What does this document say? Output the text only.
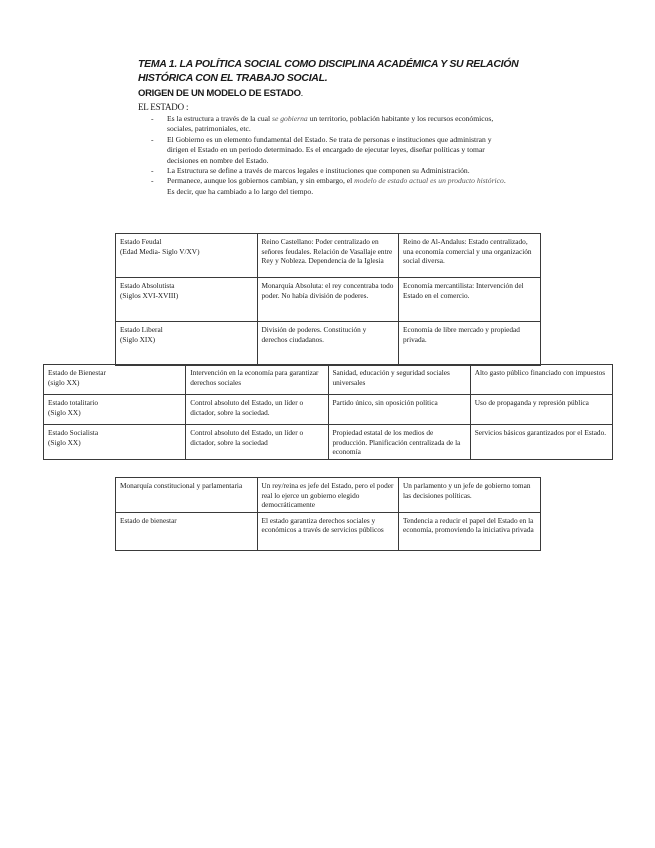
TEMA 1. LA POLÍTICA SOCIAL COMO DISCIPLINA ACADÉMICA Y SU RELACIÓN HISTÓRICA CON EL TRABAJO SOCIAL.
ORIGEN DE UN MODELO DE ESTADO.
EL ESTADO :
- Es la estructura a través de la cual se gobierna un territorio, población habitante y los recursos económicos, sociales, patrimoniales, etc.
- El Gobierno es un elemento fundamental del Estado. Se trata de personas e instituciones que administran y dirigen el Estado en un periodo determinado. Es el encargado de ejecutar leyes, diseñar políticas y tomar decisiones en nombre del Estado.
- La Estructura se define a través de marcos legales e instituciones que componen su Administración.
- Permanece, aunque los gobiernos cambian, y sin embargo, el modelo de estado actual es un producto histórico. Es decir, que ha cambiado a lo largo del tiempo.
Estado Feudal
(Edad Media- Siglo V/XV)	Reino Castellano: Poder centralizado en señores feudales. Relación de Vasallaje entre Rey y Nobleza. Dependencia de la Iglesia	Reino de Al-Andalus: Estado centralizado, una economía comercial y una organización social diversa.

Estado Absolutista
(Siglos XVI-XVIII)	Monarquía Absoluta: el rey concentraba todo poder. No había división de poderes.	Economía mercantilista: Intervención del Estado en el comercio.

Estado Liberal
(Siglo XIX)	División de poderes. Constitución y derechos ciudadanos.	Economía de libre mercado y propiedad privada.
Estado de Bienestar
(siglo XX)	Intervención en la economía para garantizar derechos sociales	Sanidad, educación y seguridad sociales universales	Alto gasto público financiado con impuestos

Estado totalitario
(Siglo XX)	Control absoluto del Estado, un líder o dictador, sobre la sociedad.	Partido único, sin oposición política	Uso de propaganda y represión pública

Estado Socialista
(Siglo XX)	Control absoluto del Estado, un líder o dictador, sobre la sociedad	Propiedad estatal de los medios de producción. Planificación centralizada de la economía	Servicios básicos garantizados por el Estado.
Monarquía constitucional y parlamentaria	Un rey/reina es jefe del Estado, pero el poder real lo ejerce un gobierno elegido democráticamente	Un parlamento y un jefe de gobierno toman las decisiones políticas.
Estado de bienestar	El estado garantiza derechos sociales y económicos a través de servicios públicos	Tendencia a reducir el papel del Estado en la economía, promoviendo la iniciativa privada
